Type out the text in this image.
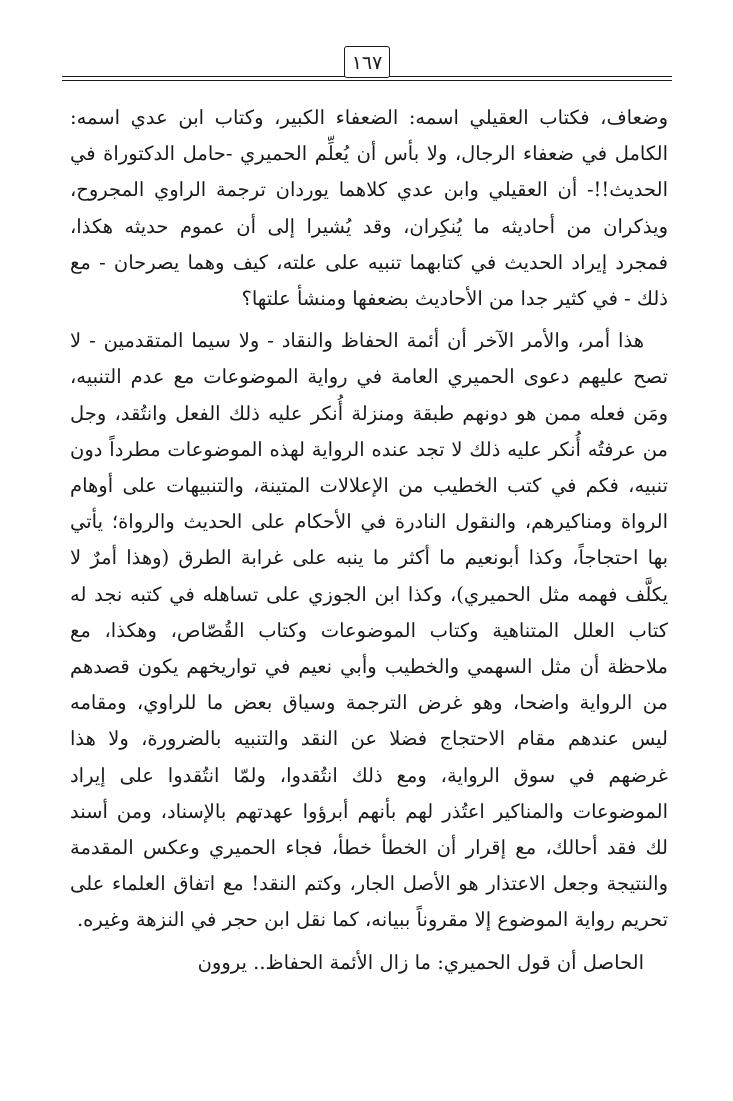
١٦٧

وضعاف، فكتاب العقيلي اسمه: الضعفاء الكبير، وكتاب ابن عدي اسمه: الكامل في ضعفاء الرجال، ولا بأس أن يُعلِّم الحميري -حامل الدكتوراة في الحديث!!- أن العقيلي وابن عدي كلاهما يوردان ترجمة الراوي المجروح، ويذكران من أحاديثه ما يُنكِران، وقد يُشيرا إلى أن عموم حديثه هكذا، فمجرد إيراد الحديث في كتابهما تنبيه على علته، كيف وهما يصرحان - مع ذلك - في كثير جدا من الأحاديث بضعفها ومنشأ علتها؟

هذا أمر، والأمر الآخر أن أئمة الحفاظ والنقاد - ولا سيما المتقدمين - لا تصح عليهم دعوى الحميري العامة في رواية الموضوعات مع عدم التنبيه، ومَن فعله ممن هو دونهم طبقة ومنزلة أُنكر عليه ذلك الفعل وانتُقد، وجل من عرفتُه أُنكر عليه ذلك لا تجد عنده الرواية لهذه الموضوعات مطرداً دون تنبيه، فكم في كتب الخطيب من الإعلالات المتينة، والتنبيهات على أوهام الرواة ومناكيرهم، والنقول النادرة في الأحكام على الحديث والرواة؛ يأتي بها احتجاجاً، وكذا أبونعيم ما أكثر ما ينبه على غرابة الطرق (وهذا أمرٌ لا يكلَّف فهمه مثل الحميري)، وكذا ابن الجوزي على تساهله في كتبه نجد له كتاب العلل المتناهية وكتاب الموضوعات وكتاب القُصّاص، وهكذا، مع ملاحظة أن مثل السهمي والخطيب وأبي نعيم في تواريخهم يكون قصدهم من الرواية واضحا، وهو غرض الترجمة وسياق بعض ما للراوي، ومقامه ليس عندهم مقام الاحتجاج فضلا عن النقد والتنبيه بالضرورة، ولا هذا غرضهم في سوق الرواية، ومع ذلك انتُقدوا، ولمّا انتُقدوا على إيراد الموضوعات والمناكير اعتُذر لهم بأنهم أبرؤوا عهدتهم بالإسناد، ومن أسند لك فقد أحالك، مع إقرار أن الخطأ خطأ، فجاء الحميري وعكس المقدمة والنتيجة وجعل الاعتذار هو الأصل الجار، وكتم النقد! مع اتفاق العلماء على تحريم رواية الموضوع إلا مقروناً ببيانه، كما نقل ابن حجر في النزهة وغيره.

الحاصل أن قول الحميري: ما زال الأئمة الحفاظ.. يروون
